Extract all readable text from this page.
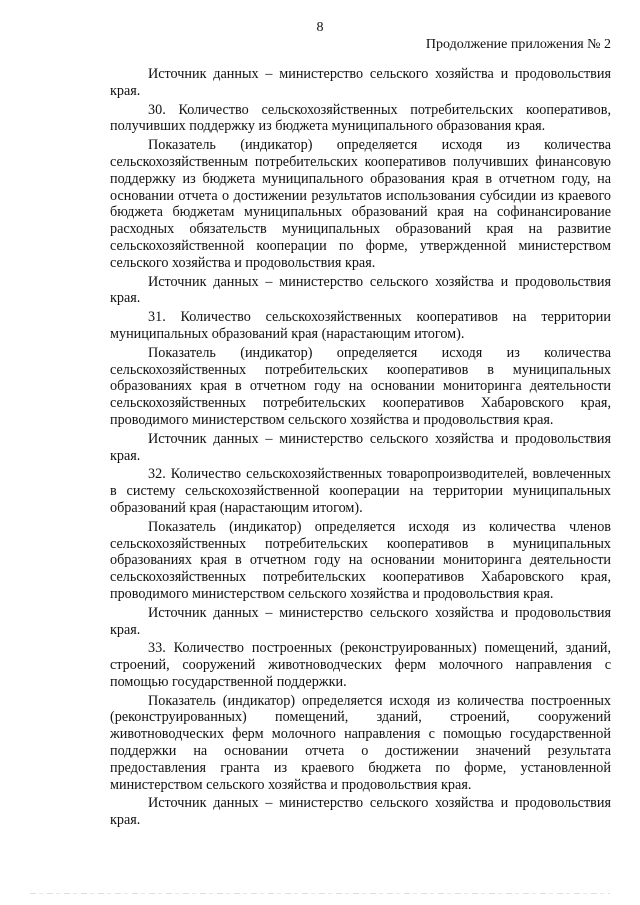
8
Продолжение приложения № 2

Источник данных – министерство сельского хозяйства и продовольствия края.

30. Количество сельскохозяйственных потребительских кооперативов, получивших поддержку из бюджета муниципального образования края.

Показатель (индикатор) определяется исходя из количества сельскохозяйственным потребительских кооперативов получивших финансовую поддержку из бюджета муниципального образования края в отчетном году, на основании отчета о достижении результатов использования субсидии из краевого бюджета бюджетам муниципальных образований края на софинансирование расходных обязательств муниципальных образований края на развитие сельскохозяйственной кооперации по форме, утвержденной министерством сельского хозяйства и продовольствия края.

Источник данных – министерство сельского хозяйства и продовольствия края.

31. Количество сельскохозяйственных кооперативов на территории муниципальных образований края (нарастающим итогом).

Показатель (индикатор) определяется исходя из количества сельскохозяйственных потребительских кооперативов в муниципальных образованиях края в отчетном году на основании мониторинга деятельности сельскохозяйственных потребительских кооперативов Хабаровского края, проводимого министерством сельского хозяйства и продовольствия края.

Источник данных – министерство сельского хозяйства и продовольствия края.

32. Количество сельскохозяйственных товаропроизводителей, вовлеченных в систему сельскохозяйственной кооперации на территории муниципальных образований края (нарастающим итогом).

Показатель (индикатор) определяется исходя из количества членов сельскохозяйственных потребительских кооперативов в муниципальных образованиях края в отчетном году на основании мониторинга деятельности сельскохозяйственных потребительских кооперативов Хабаровского края, проводимого министерством сельского хозяйства и продовольствия края.

Источник данных – министерство сельского хозяйства и продовольствия края.

33. Количество построенных (реконструированных) помещений, зданий, строений, сооружений животноводческих ферм молочного направления с помощью государственной поддержки.

Показатель (индикатор) определяется исходя из количества построенных (реконструированных) помещений, зданий, строений, сооружений животноводческих ферм молочного направления с помощью государственной поддержки на основании отчета о достижении значений результата предоставления гранта из краевого бюджета по форме, установленной министерством сельского хозяйства и продовольствия края.

Источник данных – министерство сельского хозяйства и продовольствия края.
